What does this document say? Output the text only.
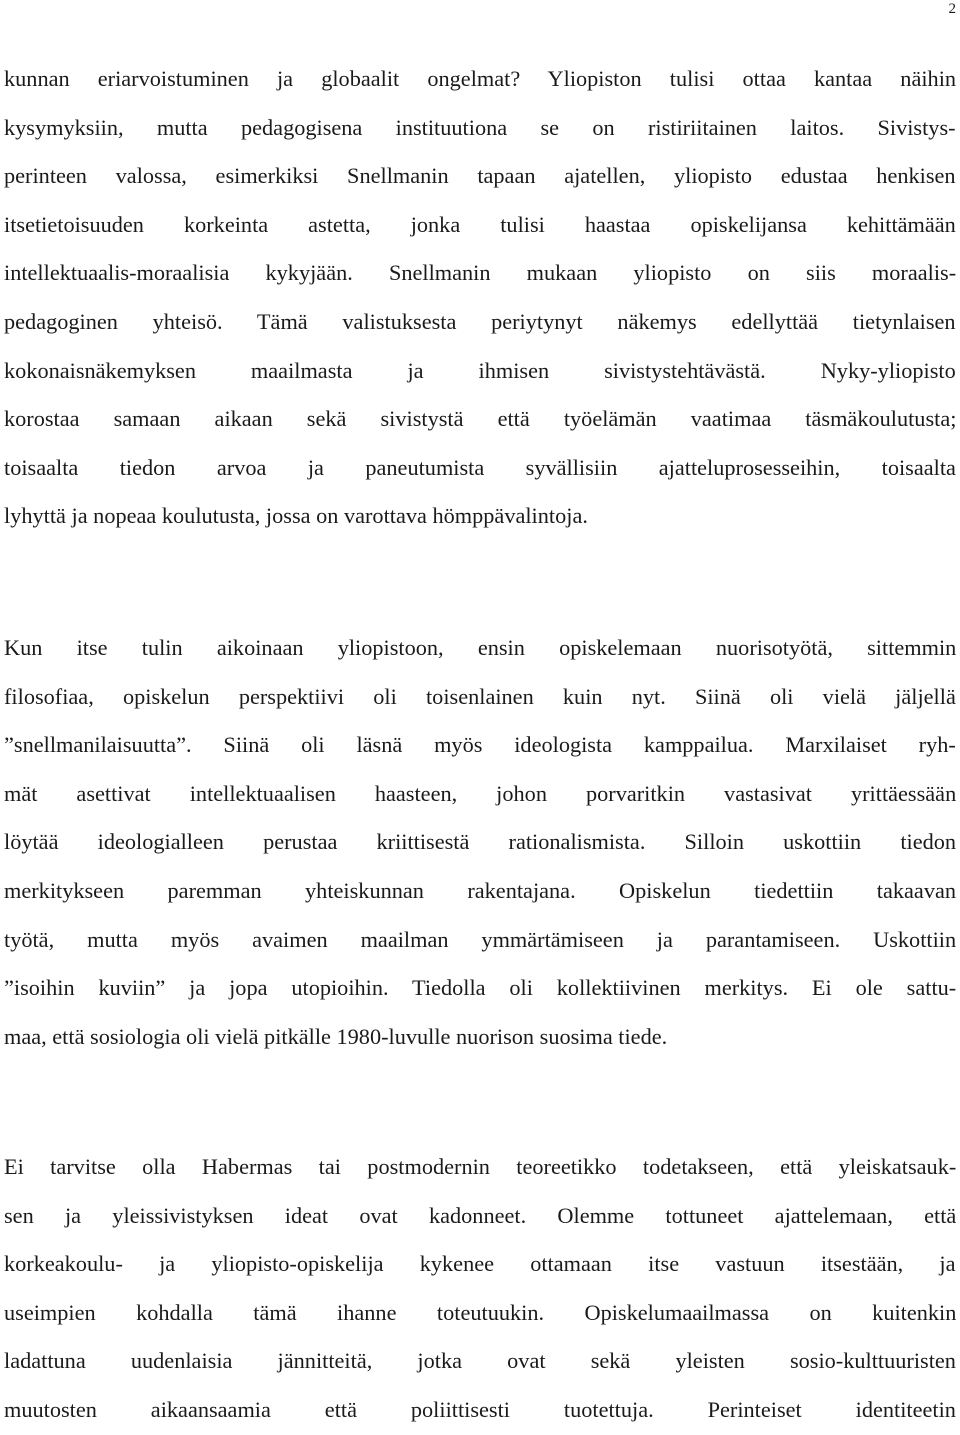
2
kunnan eriarvoistuminen ja globaalit ongelmat? Yliopiston tulisi ottaa kantaa näihin
kysymyksiin, mutta pedagogisena instituutiona se on ristiriitainen laitos. Sivistys-
perinteen valossa, esimerkiksi Snellmanin tapaan ajatellen, yliopisto edustaa henkisen
itsetietoisuuden korkeinta astetta, jonka tulisi haastaa opiskelijansa kehittämään
intellektuaalis-moraalisia kykyjään. Snellmanin mukaan yliopisto on siis moraalis-
pedagoginen yhteisö. Tämä valistuksesta periytynyt näkemys edellyttää tietynlaisen
kokonaisnäkemyksen maailmasta ja ihmisen sivistystehtävästä. Nyky-yliopisto
korostaa samaan aikaan sekä sivistystä että työelämän vaatimaa täsmäkoulutusta;
toisaalta tiedon arvoa ja paneutumista syvällisiin ajatteluprosesseihin, toisaalta
lyhyttä ja nopeaa koulutusta, jossa on varottava hömppävalintoja.
Kun itse tulin aikoinaan yliopistoon, ensin opiskelemaan nuorisotyötä, sittemmin
filosofiaa, opiskelun perspektiivi oli toisenlainen kuin nyt. Siinä oli vielä jäljellä
”snellmanilaisuutta”. Siinä oli läsnä myös ideologista kamppailua. Marxilaiset ryh-
mät asettivat intellektuaalisen haasteen, johon porvaritkin vastasivat yrittäessään
löytää ideologialleen perustaa kriittisestä rationalismista. Silloin uskottiin tiedon
merkitykseen paremman yhteiskunnan rakentajana. Opiskelun tiedettiin takaavan
työtä, mutta myös avaimen maailman ymmärtämiseen ja parantamiseen. Uskottiin
”isoihin kuviin” ja jopa utopioihin. Tiedolla oli kollektiivinen merkitys. Ei ole sattu-
maa, että sosiologia oli vielä pitkälle 1980-luvulle nuorison suosima tiede.
Ei tarvitse olla Habermas tai postmodernin teoreetikko todetakseen, että yleiskatsauk-
sen ja yleissivistyksen ideat ovat kadonneet. Olemme tottuneet ajattelemaan, että
korkeakoulu- ja yliopisto-opiskelija kykenee ottamaan itse vastuun itsestään, ja
useimpien kohdalla tämä ihanne toteutuukin. Opiskelumaailmassa on kuitenkin
ladattuna uudenlaisia jännitteitä, jotka ovat sekä yleisten sosio-kulttuuristen
muutosten aikaansaamia että poliittisesti tuotettuja. Perinteiset identiteetin
